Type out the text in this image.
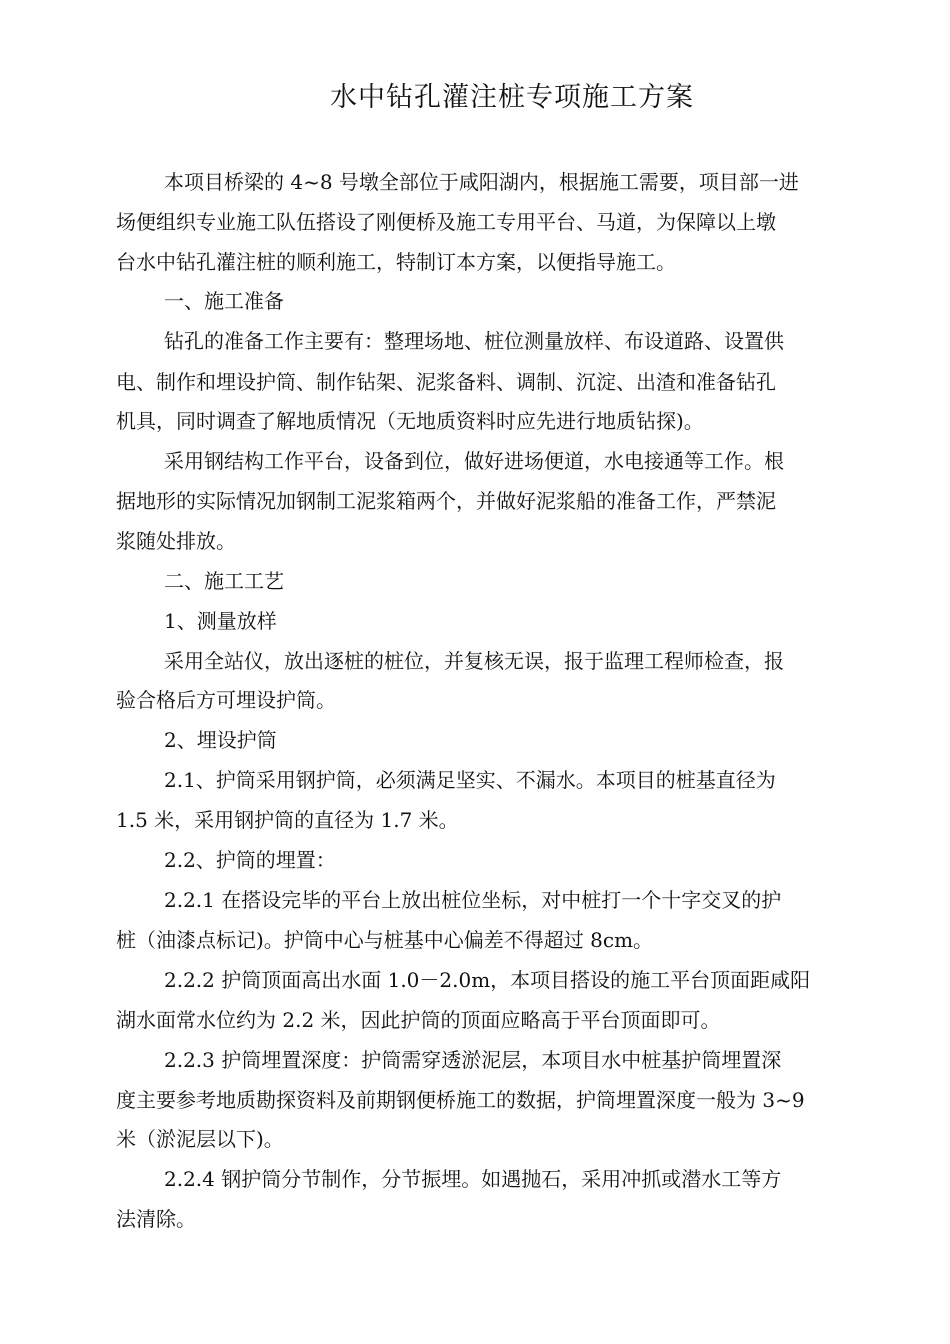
水中钻孔灌注桩专项施工方案
本项目桥梁的 4~8 号墩全部位于咸阳湖内，根据施工需要，项目部一进
场便组织专业施工队伍搭设了刚便桥及施工专用平台、马道，为保障以上墩
台水中钻孔灌注桩的顺利施工，特制订本方案，以便指导施工。
一、施工准备
钻孔的准备工作主要有：整理场地、桩位测量放样、布设道路、设置供
电、制作和埋设护筒、制作钻架、泥浆备料、调制、沉淀、出渣和准备钻孔
机具，同时调查了解地质情况（无地质资料时应先进行地质钻探)。
采用钢结构工作平台，设备到位，做好进场便道，水电接通等工作。根
据地形的实际情况加钢制工泥浆箱两个，并做好泥浆船的准备工作，严禁泥
浆随处排放。
二、施工工艺
1、测量放样
采用全站仪，放出逐桩的桩位，并复核无误，报于监理工程师检查，报
验合格后方可埋设护筒。
2、埋设护筒
2.1、护筒采用钢护筒，必须满足坚实、不漏水。本项目的桩基直径为
1.5 米，采用钢护筒的直径为 1.7 米。
2.2、护筒的埋置：
2.2.1 在搭设完毕的平台上放出桩位坐标，对中桩打一个十字交叉的护
桩（油漆点标记)。护筒中心与桩基中心偏差不得超过 8cm。
2.2.2 护筒顶面高出水面 1.0－2.0m，本项目搭设的施工平台顶面距咸阳
湖水面常水位约为 2.2 米，因此护筒的顶面应略高于平台顶面即可。
2.2.3 护筒埋置深度：护筒需穿透淤泥层，本项目水中桩基护筒埋置深
度主要参考地质勘探资料及前期钢便桥施工的数据，护筒埋置深度一般为 3~9
米（淤泥层以下)。
2.2.4 钢护筒分节制作，分节振埋。如遇抛石，采用冲抓或潜水工等方
法清除。
